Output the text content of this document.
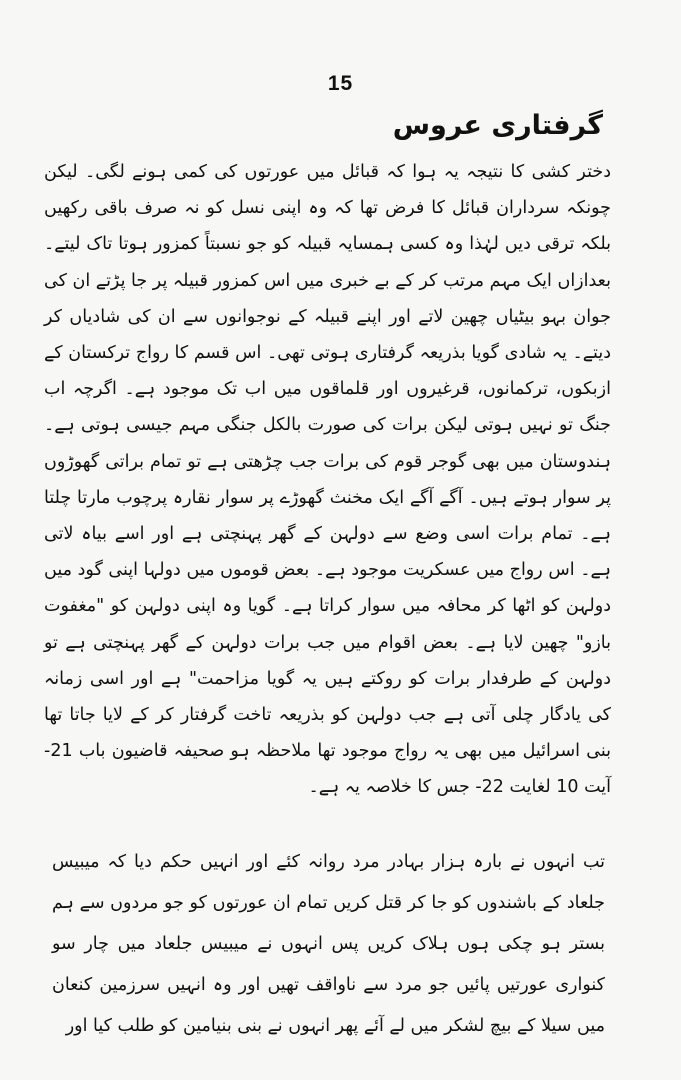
15
گرفتاری عروس

دختر کشی کا نتیجہ یہ ہوا کہ قبائل میں عورتوں کی کمی ہونے لگی۔ لیکن چونکہ سرداران قبائل کا فرض تھا کہ وہ اپنی نسل کو نہ صرف باقی رکھیں بلکہ ترقی دیں لہٰذا وہ کسی ہمسایہ قبیلہ کو جو نسبتاً کمزور ہوتا تاک لیتے۔ بعدازاں ایک مہم مرتب کر کے بے خبری میں اس کمزور قبیلہ پر جا پڑتے ان کی جوان بہو بیٹیاں چھین لاتے اور اپنے قبیلہ کے نوجوانوں سے ان کی شادیاں کر دیتے۔ یہ شادی گویا بذریعہ گرفتاری ہوتی تھی۔ اس قسم کا رواج ترکستان کے ازبکوں، ترکمانوں، قرغیروں اور قلماقوں میں اب تک موجود ہے۔ اگرچہ اب جنگ تو نہیں ہوتی لیکن برات کی صورت بالکل جنگی مہم جیسی ہوتی ہے۔ ہندوستان میں بھی گوجر قوم کی برات جب چڑھتی ہے تو تمام براتی گھوڑوں پر سوار ہوتے ہیں۔ آگے آگے ایک مخنث گھوڑے پر سوار نقارہ پرچوب مارتا چلتا ہے۔ تمام برات اسی وضع سے دولہن کے گھر پہنچتی ہے اور اسے بیاہ لاتی ہے۔ اس رواج میں عسکریت موجود ہے۔ بعض قوموں میں دولہا اپنی گود میں دولہن کو اٹھا کر محافہ میں سوار کراتا ہے۔ گویا وہ اپنی دولہن کو "مغفوت بازو" چھین لایا ہے۔ بعض اقوام میں جب برات دولہن کے گھر پہنچتی ہے تو دولہن کے طرفدار برات کو روکتے ہیں یہ گویا مزاحمت" ہے اور اسی زمانہ کی یادگار چلی آتی ہے جب دولہن کو بذریعہ تاخت گرفتار کر کے لایا جاتا تھا بنی اسرائیل میں بھی یہ رواج موجود تھا ملاحظہ ہو صحیفہ قاضیون باب 21- آیت 10 لغایت 22- جس کا خلاصہ یہ ہے۔

تب انہوں نے بارہ ہزار بہادر مرد روانہ کئے اور انہیں حکم دیا کہ میبیس جلعاد کے باشندوں کو جا کر قتل کریں تمام ان عورتوں کو جو مردوں سے ہم بستر ہو چکی ہوں ہلاک کریں پس انہوں نے میبیس جلعاد میں چار سو کنواری عورتیں پائیں جو مرد سے ناواقف تھیں اور وہ انہیں سرزمین کنعان میں سیلا کے بیچ لشکر میں لے آئے پھر انہوں نے بنی بنیامین کو طلب کیا اور
